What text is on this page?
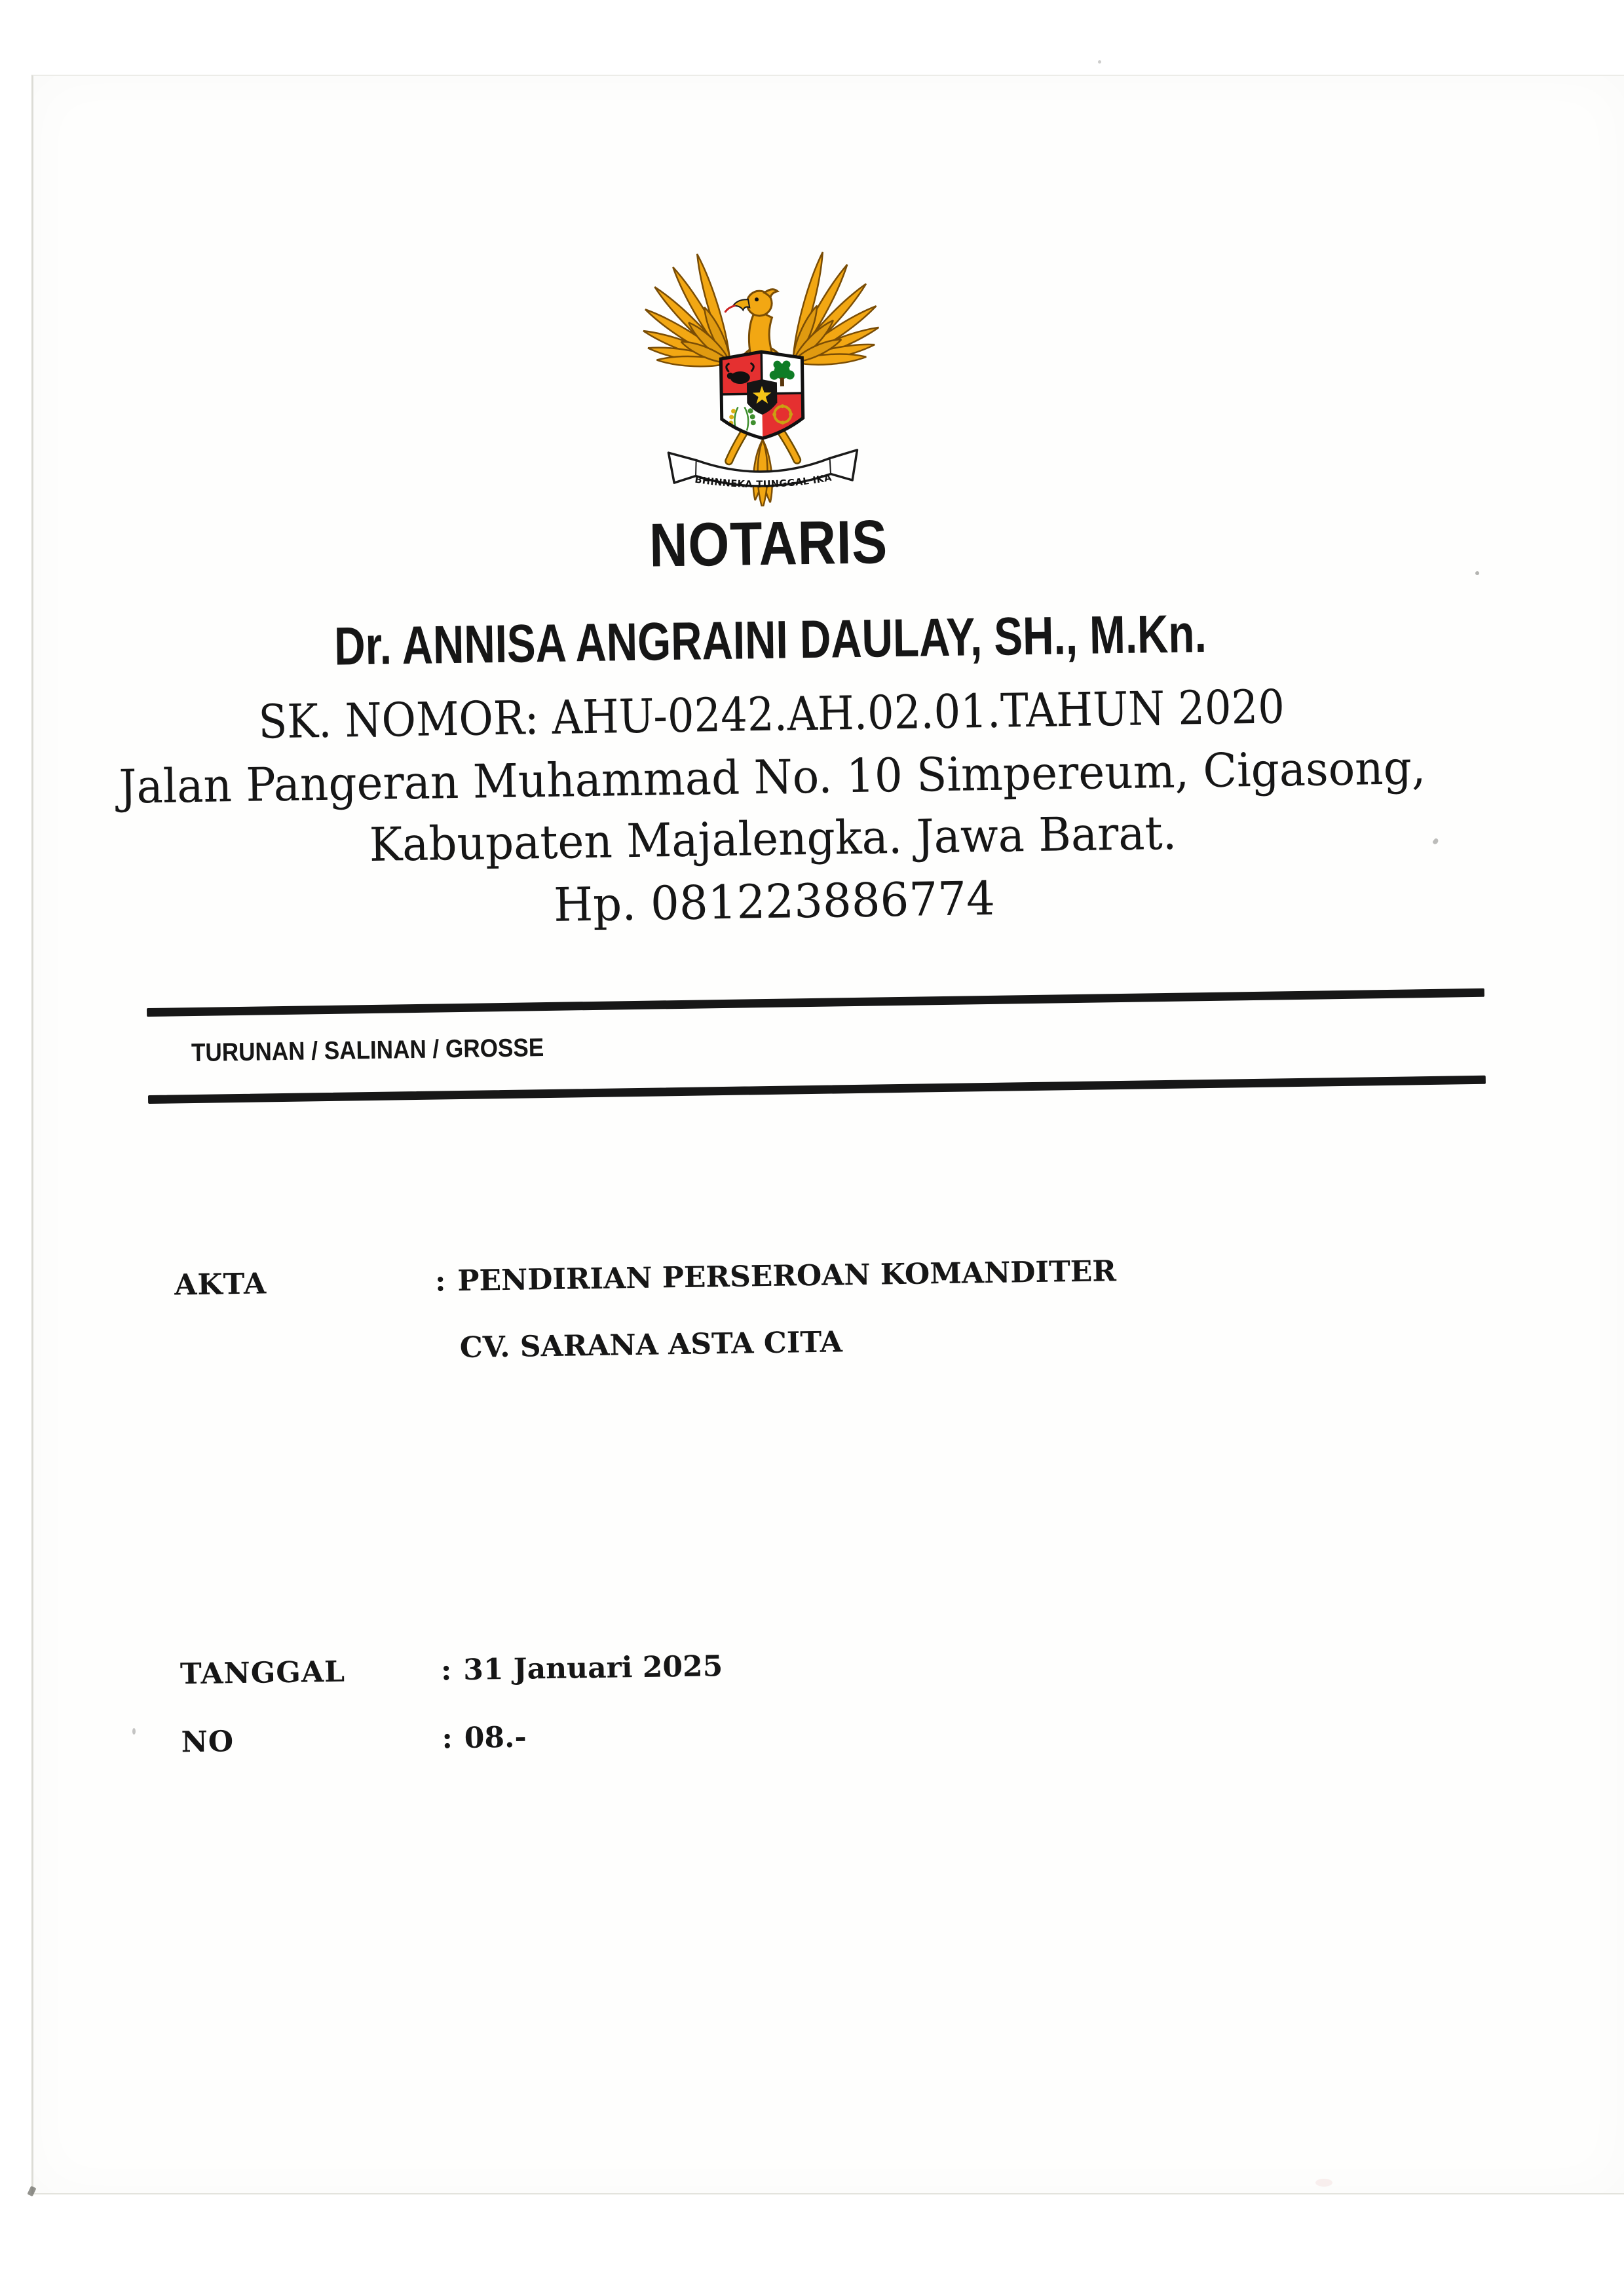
BHINNEKA TUNGGAL IKA
NOTARIS
Dr. ANNISA ANGRAINI DAULAY, SH., M.Kn.
SK. NOMOR: AHU-0242.AH.02.01.TAHUN 2020
Jalan Pangeran Muhammad No. 10 Simpereum, Cigasong,
Kabupaten Majalengka. Jawa Barat.
Hp. 081223886774
TURUNAN / SALINAN / GROSSE
AKTA	: PENDIRIAN PERSEROAN KOMANDITER
CV. SARANA ASTA CITA
TANGGAL	: 31 Januari 2025
NO	: 08.-
